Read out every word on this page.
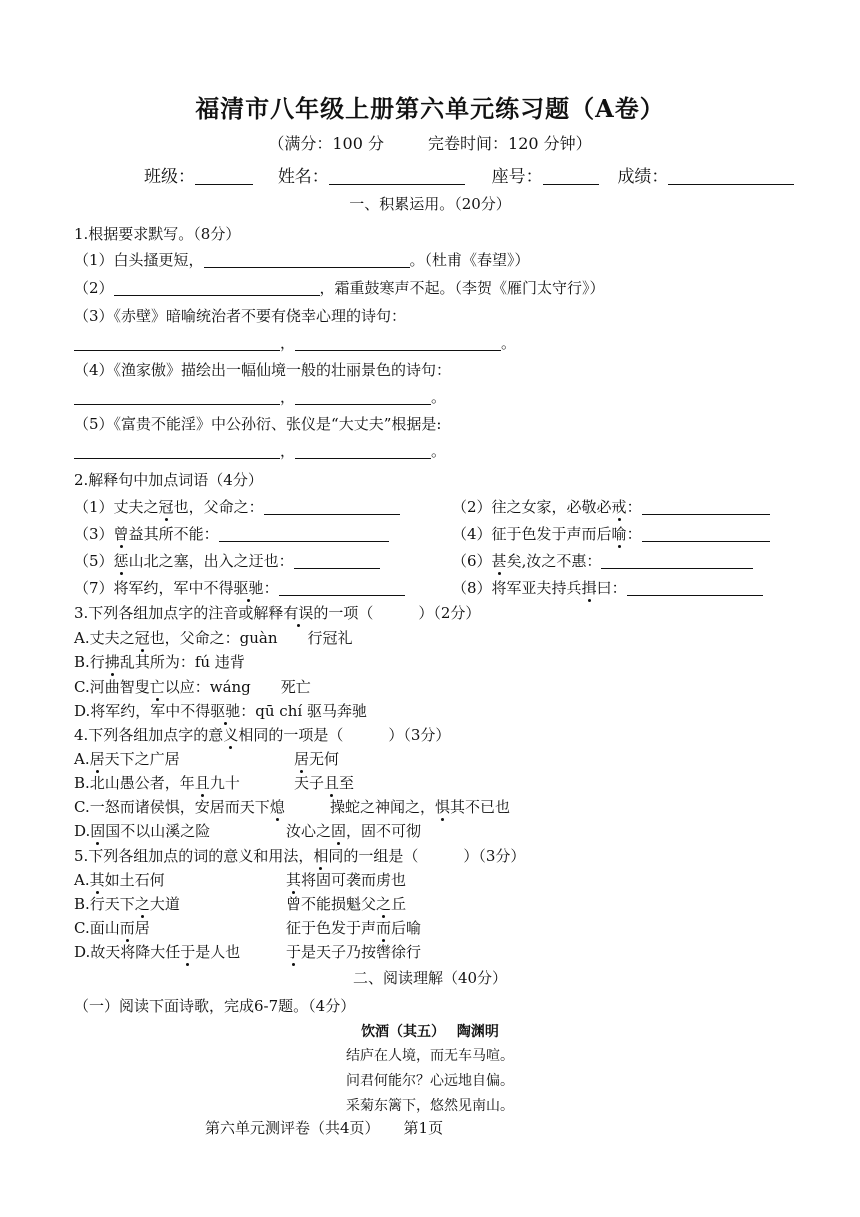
福清市八年级上册第六单元练习题（A卷）
（满分：100 分	完卷时间：120 分钟）
班级：	姓名：	座号：	成绩：
一、积累运用。（20分）
1.根据要求默写。（8分）
（1）白头搔更短，	。（杜甫《春望》）
（2）	，霜重鼓寒声不起。（李贺《雁门太守行》）
（3）《赤壁》暗喻统治者不要有侥幸心理的诗句：
，	。
（4）《渔家傲》描绘出一幅仙境一般的壮丽景色的诗句：
，	。
（5）《富贵不能淫》中公孙衍、张仪是“大丈夫”根据是:
，	。
2.解释句中加点词语（4分）
（1）丈夫之冠也，父命之：	（2）往之女家，必敬必戒：
（3）曾益其所不能：	（4）征于色发于声而后喻：
（5）惩山北之塞，出入之迂也：	（6）甚矣,汝之不惠：
（7）将军约，军中不得驱驰：	（8）将军亚夫持兵揖曰：
3.下列各组加点字的注音或解释有误的一项（　　　）（2分）
A.丈夫之冠也，父命之：guàn　　行冠礼
B.行拂乱其所为：fú 违背
C.河曲智叟亡以应：wáng　　死亡
D.将军约，军中不得驱驰：qū chí 驱马奔驰
4.下列各组加点字的意义相同的一项是（　　　）（3分）
A.居天下之广居	居无何
B.北山愚公者，年且九十	天子且至
C.一怒而诸侯惧，安居而天下熄	操蛇之神闻之，惧其不已也
D.固国不以山溪之险	汝心之固，固不可彻
5.下列各组加点的词的意义和用法，相同的一组是（　　　）（3分）
A.其如土石何	其将固可袭而虏也
B.行天下之大道	曾不能损魁父之丘
C.面山而居	征于色发于声而后喻
D.故天将降大任于是人也	于是天子乃按辔徐行
二、阅读理解（40分）
（一）阅读下面诗歌，完成6-7题。（4分）
饮酒（其五）　 陶渊明
结庐在人境，而无车马喧。
问君何能尔？心远地自偏。
采菊东篱下，悠然见南山。
第六单元测评卷（共4页） 第1页
